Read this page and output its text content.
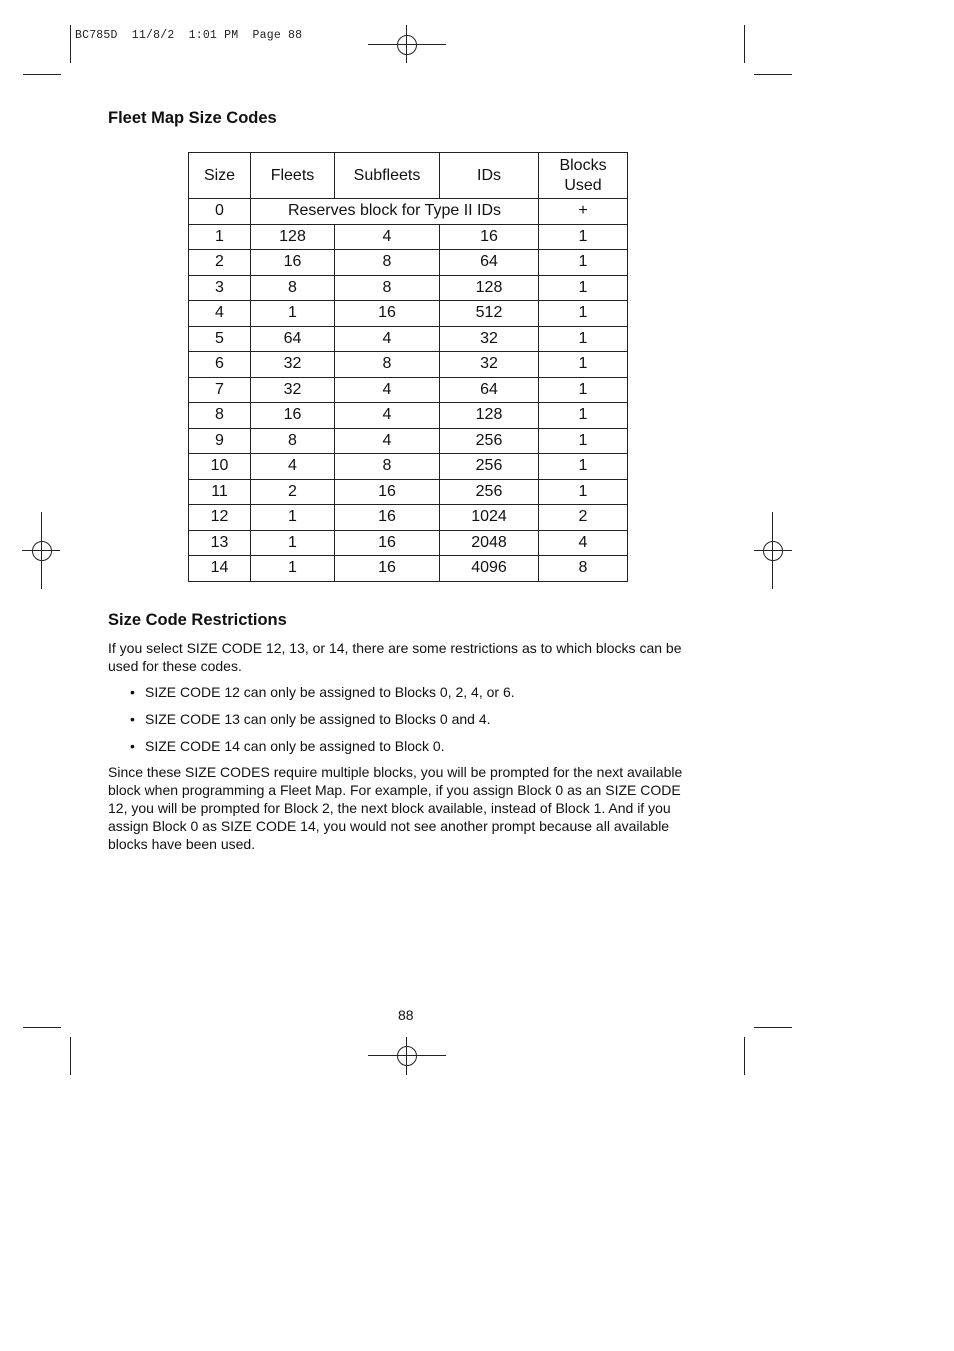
BC785D  11/8/2  1:01 PM  Page 88
Fleet Map Size Codes
Size	Fleets	Subfleets	IDs	Blocks Used
0	Reserves block for Type II IDs			+
1	128	4	16	1
2	16	8	64	1
3	8	8	128	1
4	1	16	512	1
5	64	4	32	1
6	32	8	32	1
7	32	4	64	1
8	16	4	128	1
9	8	4	256	1
10	4	8	256	1
11	2	16	256	1
12	1	16	1024	2
13	1	16	2048	4
14	1	16	4096	8
Size Code Restrictions

If you select SIZE CODE 12, 13, or 14, there are some restrictions as to which blocks can be used for these codes.

• SIZE CODE 12 can only be assigned to Blocks 0, 2, 4, or 6.
• SIZE CODE 13 can only be assigned to Blocks 0 and 4.
• SIZE CODE 14 can only be assigned to Block 0.

Since these SIZE CODES require multiple blocks, you will be prompted for the next available block when programming a Fleet Map. For example, if you assign Block 0 as an SIZE CODE 12, you will be prompted for Block 2, the next block available, instead of Block 1. And if you assign Block 0 as SIZE CODE 14, you would not see another prompt because all available blocks have been used.

88
